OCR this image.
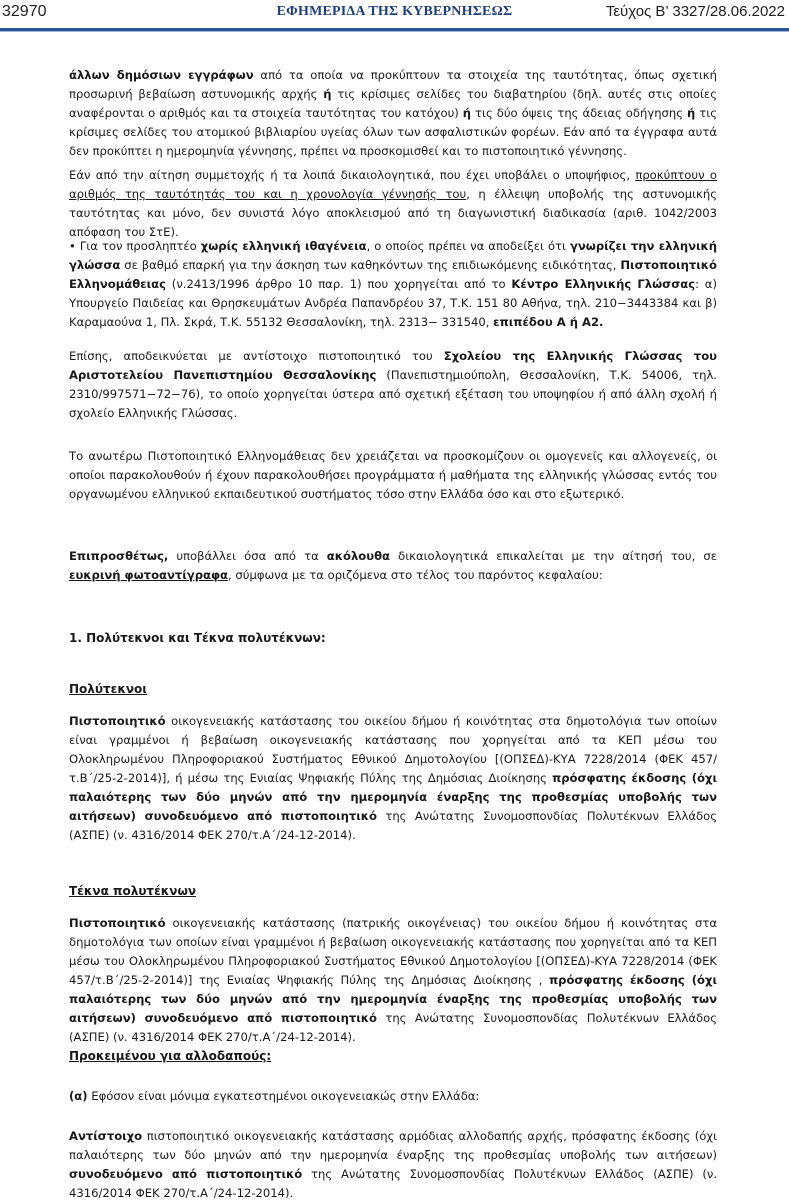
32970	ΕΦΗΜΕΡΙΔΑ ΤΗΣ ΚΥΒΕΡΝΗΣΕΩΣ	Τεύχος B’ 3327/28.06.2022

άλλων δημόσιων εγγράφων από τα οποία να προκύπτουν τα στοιχεία της ταυτότητας, όπως σχετική προσωρινή βεβαίωση αστυνομικής αρχής ή τις κρίσιμες σελίδες του διαβατηρίου (δηλ. αυτές στις οποίες αναφέρονται ο αριθμός και τα στοιχεία ταυτότητας του κατόχου) ή τις δύο όψεις της άδειας οδήγησης ή τις κρίσιμες σελίδες του ατομικού βιβλιαρίου υγείας όλων των ασφαλιστικών φορέων. Εάν από τα έγγραφα αυτά δεν προκύπτει η ημερομηνία γέννησης, πρέπει να προσκομισθεί και το πιστοποιητικό γέννησης.

Εάν από την αίτηση συμμετοχής ή τα λοιπά δικαιολογητικά, που έχει υποβάλει ο υποψήφιος, προκύπτουν ο αριθμός της ταυτότητάς του και η χρονολογία γέννησής του, η έλλειψη υποβολής της αστυνομικής ταυτότητας και μόνο, δεν συνιστά λόγο αποκλεισμού από τη διαγωνιστική διαδικασία (αριθ. 1042/2003 απόφαση του ΣτΕ).

• Για τον προσληπτέο χωρίς ελληνική ιθαγένεια, ο οποίος πρέπει να αποδείξει ότι γνωρίζει την ελληνική γλώσσα σε βαθμό επαρκή για την άσκηση των καθηκόντων της επιδιωκόμενης ειδικότητας, Πιστοποιητικό Ελληνομάθειας (ν.2413/1996 άρθρο 10 παρ. 1) που χορηγείται από το Κέντρο Ελληνικής Γλώσσας: α) Υπουργείο Παιδείας και Θρησκευμάτων Ανδρέα Παπανδρέου 37, Τ.Κ. 151 80 Αθήνα, τηλ. 210−3443384 και β) Καραμαούνα 1, Πλ. Σκρά, Τ.Κ. 55132 Θεσσαλονίκη, τηλ. 2313− 331540, επιπέδου Α ή Α2.

Επίσης, αποδεικνύεται με αντίστοιχο πιστοποιητικό του Σχολείου της Ελληνικής Γλώσσας του Αριστοτελείου Πανεπιστημίου Θεσσαλονίκης (Πανεπιστημιούπολη, Θεσσαλονίκη, Τ.Κ. 54006, τηλ. 2310/997571−72−76), το οποίο χορηγείται ύστερα από σχετική εξέταση του υποψηφίου ή από άλλη σχολή ή σχολείο Ελληνικής Γλώσσας.

Το ανωτέρω Πιστοποιητικό Ελληνομάθειας δεν χρειάζεται να προσκομίζουν οι ομογενείς και αλλογενείς, οι οποίοι παρακολουθούν ή έχουν παρακολουθήσει προγράμματα ή μαθήματα της ελληνικής γλώσσας εντός του οργανωμένου ελληνικού εκπαιδευτικού συστήματος τόσο στην Ελλάδα όσο και στο εξωτερικό.

Επιπροσθέτως, υποβάλλει όσα από τα ακόλουθα δικαιολογητικά επικαλείται με την αίτησή του, σε ευκρινή φωτοαντίγραφα, σύμφωνα με τα οριζόμενα στο τέλος του παρόντος κεφαλαίου:

1. Πολύτεκνοι και Τέκνα πολυτέκνων:
Πολύτεκνοι

Πιστοποιητικό οικογενειακής κατάστασης του οικείου δήμου ή κοινότητας στα δημοτολόγια των οποίων είναι γραμμένοι ή βεβαίωση οικογενειακής κατάστασης που χορηγείται από τα ΚΕΠ μέσω του Ολοκληρωμένου Πληροφοριακού Συστήματος Εθνικού Δημοτολογίου [(ΟΠΣΕΔ)-ΚΥΑ 7228/2014 (ΦΕΚ 457/τ.Β΄/25-2-2014)], ή μέσω της Ενιαίας Ψηφιακής Πύλης της Δημόσιας Διοίκησης πρόσφατης έκδοσης (όχι παλαιότερης των δύο μηνών από την ημερομηνία έναρξης της προθεσμίας υποβολής των αιτήσεων) συνοδευόμενο από πιστοποιητικό της Ανώτατης Συνομοσπονδίας Πολυτέκνων Ελλάδος (ΑΣΠΕ) (ν. 4316/2014 ΦΕΚ 270/τ.Α΄/24-12-2014).

Τέκνα πολυτέκνων

Πιστοποιητικό οικογενειακής κατάστασης (πατρικής οικογένειας) του οικείου δήμου ή κοινότητας στα δημοτολόγια των οποίων είναι γραμμένοι ή βεβαίωση οικογενειακής κατάστασης που χορηγείται από τα ΚΕΠ μέσω του Ολοκληρωμένου Πληροφοριακού Συστήματος Εθνικού Δημοτολογίου [(ΟΠΣΕΔ)-ΚΥΑ 7228/2014 (ΦΕΚ 457/τ.Β΄/25-2-2014)] της Ενιαίας Ψηφιακής Πύλης της Δημόσιας Διοίκησης , πρόσφατης έκδοσης (όχι παλαιότερης των δύο μηνών από την ημερομηνία έναρξης της προθεσμίας υποβολής των αιτήσεων) συνοδευόμενο από πιστοποιητικό της Ανώτατης Συνομοσπονδίας Πολυτέκνων Ελλάδος (ΑΣΠΕ) (ν. 4316/2014 ΦΕΚ 270/τ.Α΄/24-12-2014).

Προκειμένου για αλλοδαπούς:

(α) Εφόσον είναι μόνιμα εγκατεστημένοι οικογενειακώς στην Ελλάδα:

Αντίστοιχο πιστοποιητικό οικογενειακής κατάστασης αρμόδιας αλλοδαπής αρχής, πρόσφατης έκδοσης (όχι παλαιότερης των δύο μηνών από την ημερομηνία έναρξης της προθεσμίας υποβολής των αιτήσεων) συνοδευόμενο από πιστοποιητικό της Ανώτατης Συνομοσπονδίας Πολυτέκνων Ελλάδος (ΑΣΠΕ) (ν. 4316/2014 ΦΕΚ 270/τ.Α΄/24-12-2014).
